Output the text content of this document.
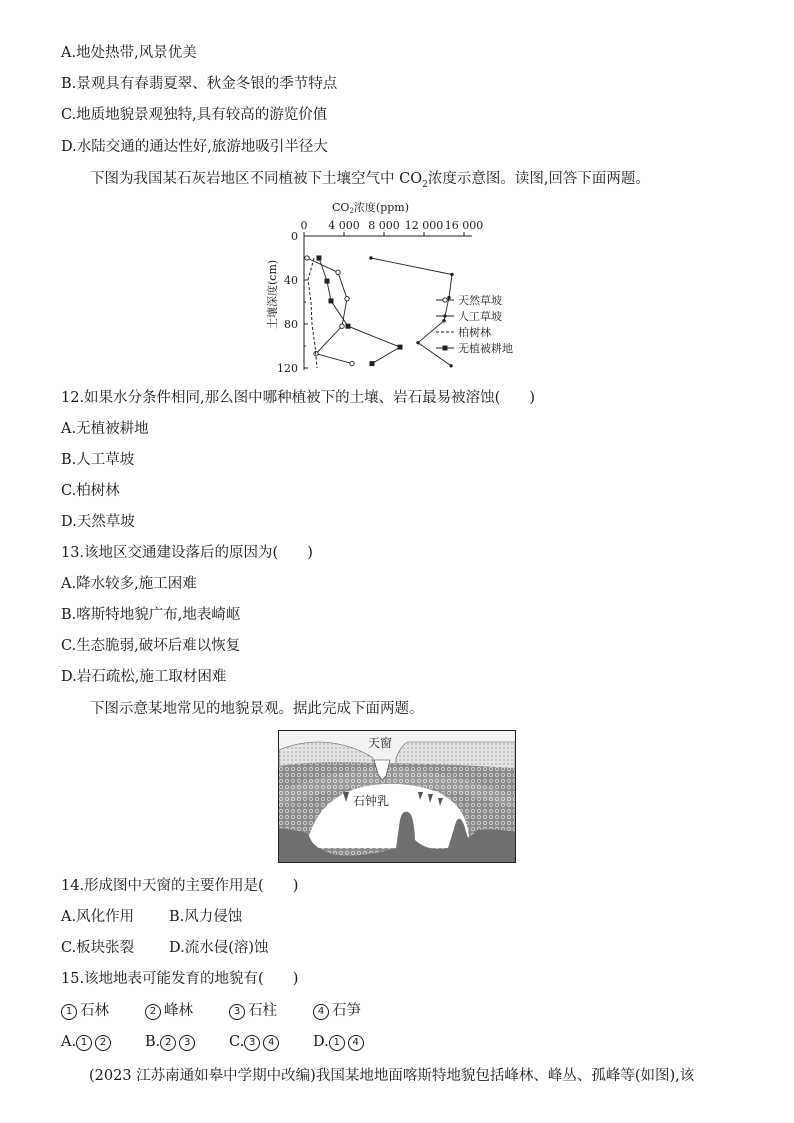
A.地处热带,风景优美
B.景观具有春翡夏翠、秋金冬银的季节特点
C.地质地貌景观独特,具有较高的游览价值
D.水陆交通的通达性好,旅游地吸引半径大
下图为我国某石灰岩地区不同植被下土壤空气中 $CO_2$浓度示意图。读图,回答下面两题。
CO2浓度(ppm)
0 4 000 8 000 12 000 16 000
0
40
80
120
土壤深度(cm)	天然草坡
人工草坡
柏树林
无植被耕地
12.如果水分条件相同,那么图中哪种植被下的土壤、岩石最易被溶蚀(　　)
A.无植被耕地
B.人工草坡
C.柏树林
D.天然草坡
13.该地区交通建设落后的原因为(　　)
A.降水较多,施工困难
B.喀斯特地貌广布,地表崎岖
C.生态脆弱,破坏后难以恢复
D.岩石疏松,施工取材困难
下图示意某地常见的地貌景观。据此完成下面两题。
天窗
石钟乳
14.形成图中天窗的主要作用是(　　)
A.风化作用 B.风力侵蚀
C.板块张裂 D.流水侵(溶)蚀
15.该地地表可能发育的地貌有(　　)
1 石林	2 峰林	3 石柱	4 石笋
A. 1 2	B. 2 3	C. 3 4	D. 1 4
(2023 江苏南通如皋中学期中改编)我国某地地面喀斯特地貌包括峰林、峰丛、孤峰等(如图),该
